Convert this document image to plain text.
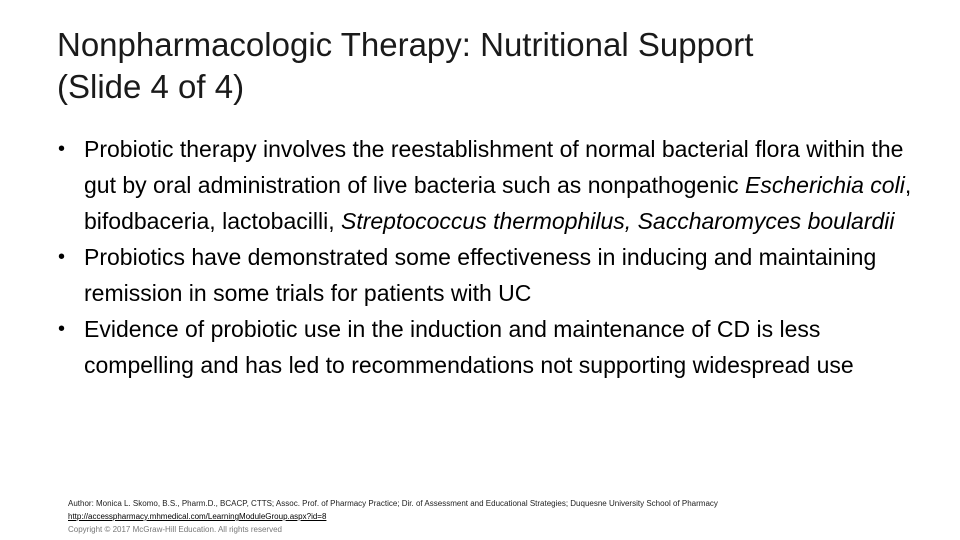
Nonpharmacologic Therapy: Nutritional Support
(Slide 4 of 4)
• Probiotic therapy involves the reestablishment of normal bacterial flora within the gut by oral administration of live bacteria such as nonpathogenic Escherichia coli, bifodbaceria, lactobacilli, Streptococcus thermophilus, Saccharomyces boulardii
• Probiotics have demonstrated some effectiveness in inducing and maintaining remission in some trials for patients with UC
• Evidence of probiotic use in the induction and maintenance of CD is less compelling and has led to recommendations not supporting widespread use
Author: Monica L. Skomo, B.S., Pharm.D., BCACP, CTTS; Assoc. Prof. of Pharmacy Practice; Dir. of Assessment and Educational Strategies; Duquesne University School of Pharmacy
http://accesspharmacy.mhmedical.com/LearningModuleGroup.aspx?id=8
Copyright © 2017 McGraw-Hill Education. All rights reserved
